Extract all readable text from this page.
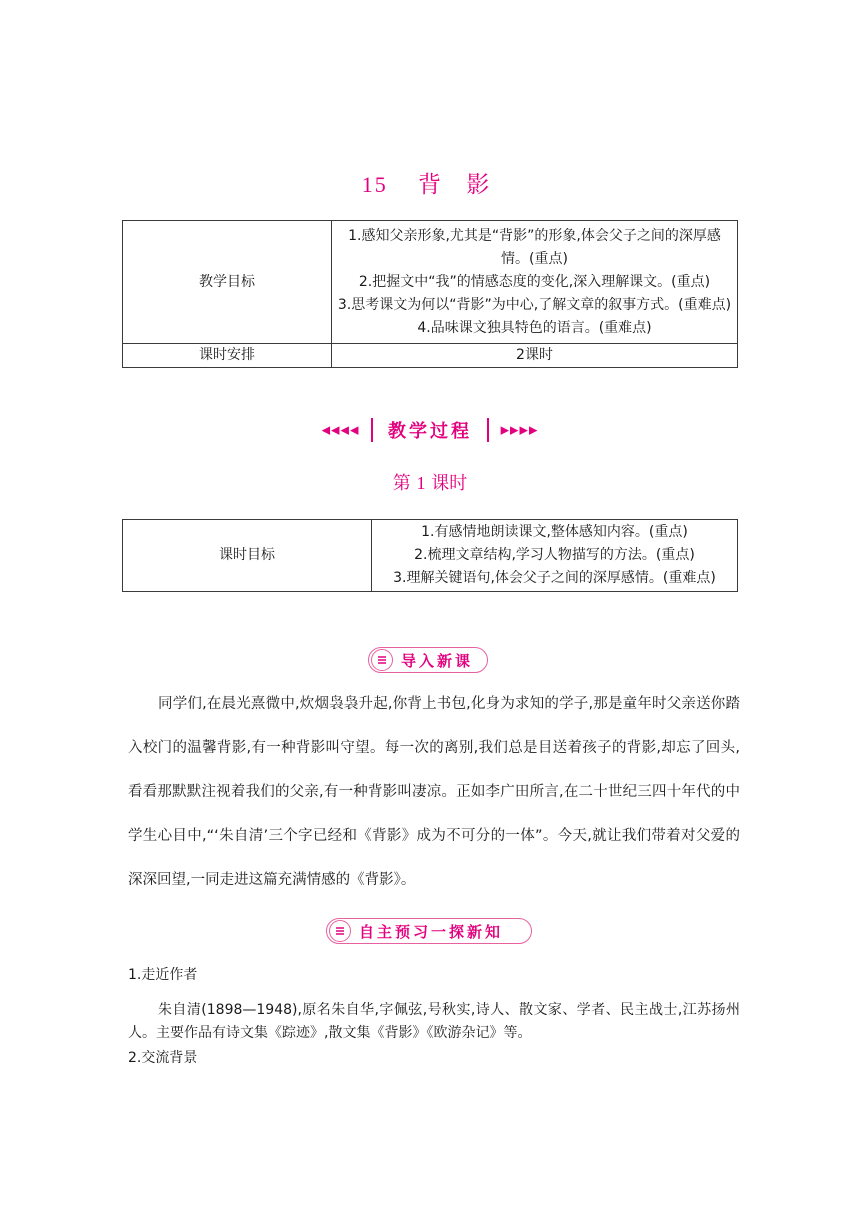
15 背 影
教学目标	1.感知父亲形象,尤其是“背影”的形象,体会父子之间的深厚感情。(重点)
2.把握文中“我”的情感态度的变化,深入理解课文。(重点)
3.思考课文为何以“背影”为中心,了解文章的叙事方式。(重难点)
4.品味课文独具特色的语言。(重难点)

课时安排	2课时
◀◀◀◀ 教学过程	▶▶▶▶
第 1 课时
课时目标	
1.有感情地朗读课文,整体感知内容。(重点)
2.梳理文章结构,学习人物描写的方法。(重点)
3.理解关键语句,体会父子之间的深厚感情。(重难点)
导入新课

同学们,在晨光熹微中,炊烟袅袅升起,你背上书包,化身为求知的学子,那是童年时父亲送你踏入校门的温馨背影,有一种背影叫守望。每一次的离别,我们总是目送着孩子的背影,却忘了回头,看看那默默注视着我们的父亲,有一种背影叫凄凉。正如李广田所言,在二十世纪三四十年代的中学生心目中,“‘朱自清’三个字已经和《背影》成为不可分的一体”。今天,就让我们带着对父爱的深深回望,一同走进这篇充满情感的《背影》。

自主预习一探新知

1.走近作者

朱自清(1898—1948),原名朱自华,字佩弦,号秋实,诗人、散文家、学者、民主战士,江苏扬州人。主要作品有诗文集《踪迹》,散文集《背影》《欧游杂记》等。

2.交流背景
